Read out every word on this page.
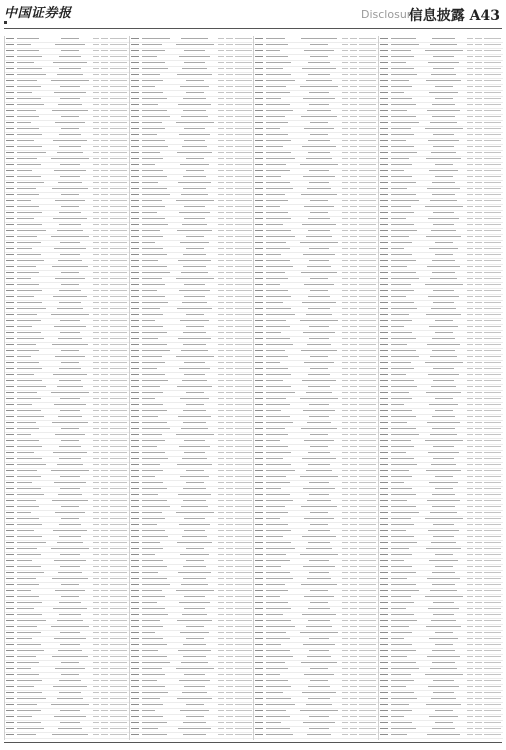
中国证券报	Disclosure
信息披露 A43
